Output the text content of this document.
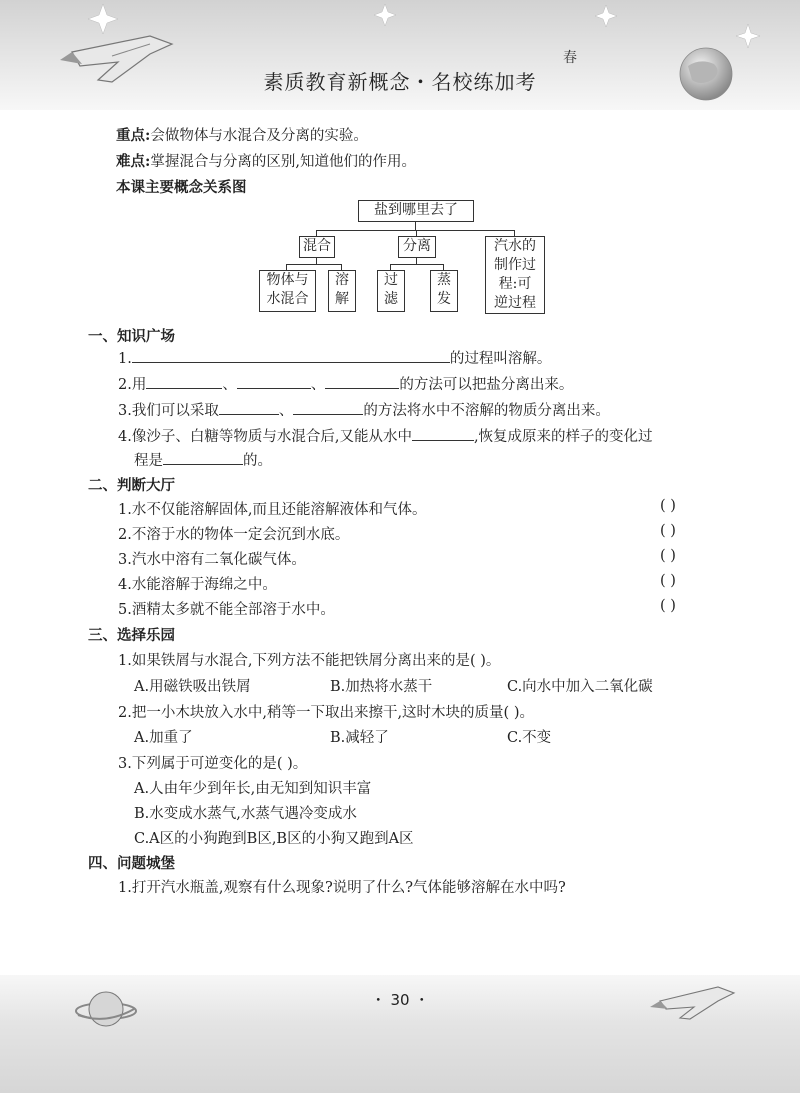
素质教育新概念・名校练加考
春
重点:会做物体与水混合及分离的实验。
难点:掌握混合与分离的区别,知道他们的作用。
本课主要概念关系图
盐到哪里去了
混合	分离	汽水的
制作过
程:可
逆过程
物体与
水混合
溶
解
过
滤
蒸
发
一、知识广场
1.	的过程叫溶解。
2.用	、	、	的方法可以把盐分离出来。
3.我们可以采取	、	的方法将水中不溶解的物质分离出来。
4.像沙子、白糖等物质与水混合后,又能从水中	,恢复成原来的样子的变化过
程是	的。
二、判断大厅
1.水不仅能溶解固体,而且还能溶解液体和气体。	( )
2.不溶于水的物体一定会沉到水底。	( )
3.汽水中溶有二氧化碳气体。	( )
4.水能溶解于海绵之中。	( )
5.酒精太多就不能全部溶于水中。	( )
三、选择乐园
1.如果铁屑与水混合,下列方法不能把铁屑分离出来的是( )。
A.用磁铁吸出铁屑	B.加热将水蒸干	C.向水中加入二氧化碳
2.把一小木块放入水中,稍等一下取出来擦干,这时木块的质量( )。
A.加重了	B.减轻了	C.不变
3.下列属于可逆变化的是( )。
A.人由年少到年长,由无知到知识丰富
B.水变成水蒸气,水蒸气遇冷变成水
C.A区的小狗跑到B区,B区的小狗又跑到A区
四、问题城堡
1.打开汽水瓶盖,观察有什么现象?说明了什么?气体能够溶解在水中吗?
・ 30 ・
